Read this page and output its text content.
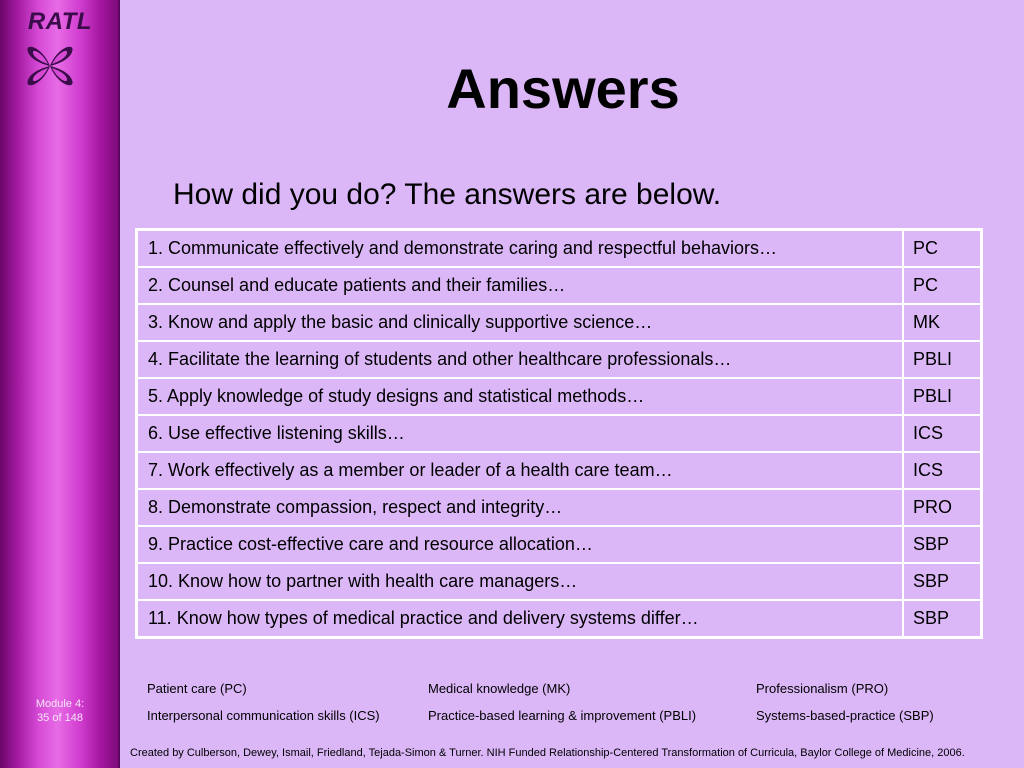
RATL
Module 4:
35 of 148
Answers
How did you do? The answers are below.
1. Communicate effectively and demonstrate caring and respectful behaviors…	PC
2. Counsel and educate patients and their families…	PC
3. Know and apply the basic and clinically supportive science…	MK
4. Facilitate the learning of students and other healthcare professionals…	PBLI
5. Apply knowledge of study designs and statistical methods…	PBLI
6. Use effective listening skills…	ICS
7. Work effectively as a member or leader of a health care team…	ICS
8. Demonstrate compassion, respect and integrity…	PRO
9. Practice cost-effective care and resource allocation…	SBP
10. Know how to partner with health care managers…	SBP
11. Know how types of medical practice and delivery systems differ…	SBP
Patient care (PC)	Medical knowledge (MK)	Professionalism (PRO)
Interpersonal communication skills (ICS)	Practice-based learning & improvement (PBLI)	Systems-based-practice (SBP)
Created by Culberson, Dewey, Ismail, Friedland, Tejada-Simon & Turner. NIH Funded Relationship-Centered Transformation of Curricula, Baylor College of Medicine, 2006.
